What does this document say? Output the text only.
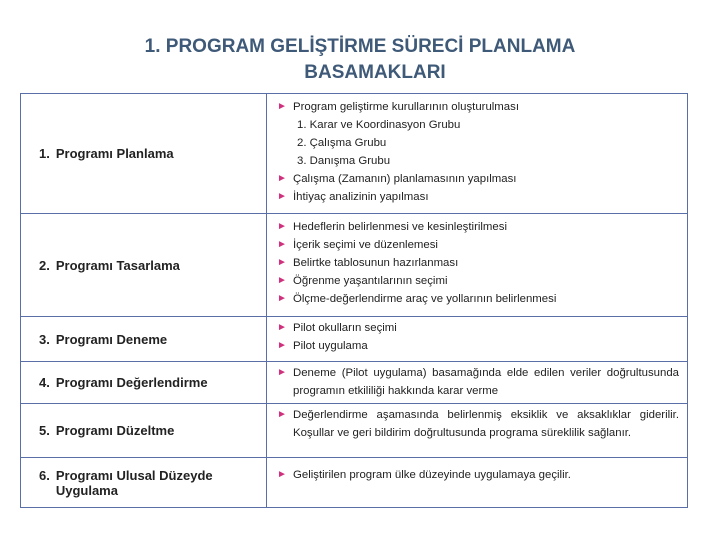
1. PROGRAM GELİŞTİRME SÜRECİ PLANLAMA
BASAMAKLARI
1. Programı Planlama
► Program geliştirme kurullarının oluşturulması
1. Karar ve Koordinasyon Grubu
2. Çalışma Grubu
3. Danışma Grubu
► Çalışma (Zamanın) planlamasının yapılması
► İhtiyaç analizinin yapılması
2. Programı Tasarlama
► Hedeflerin belirlenmesi ve kesinleştirilmesi
► İçerik seçimi ve düzenlemesi
► Belirtke tablosunun hazırlanması
► Öğrenme yaşantılarının seçimi
► Ölçme-değerlendirme araç ve yollarının belirlenmesi
3. Programı Deneme
► Pilot okulların seçimi
► Pilot uygulama
4. Programı Değerlendirme
► Deneme (Pilot uygulama) basamağında elde edilen veriler doğrultusunda programın etkililiği hakkında karar verme
5. Programı Düzeltme
► Değerlendirme aşamasında belirlenmiş eksiklik ve aksaklıklar giderilir. Koşullar ve geri bildirim doğrultusunda programa süreklilik sağlanır.
6. Programı Ulusal Düzeyde Uygulama
► Geliştirilen program ülke düzeyinde uygulamaya geçilir.
